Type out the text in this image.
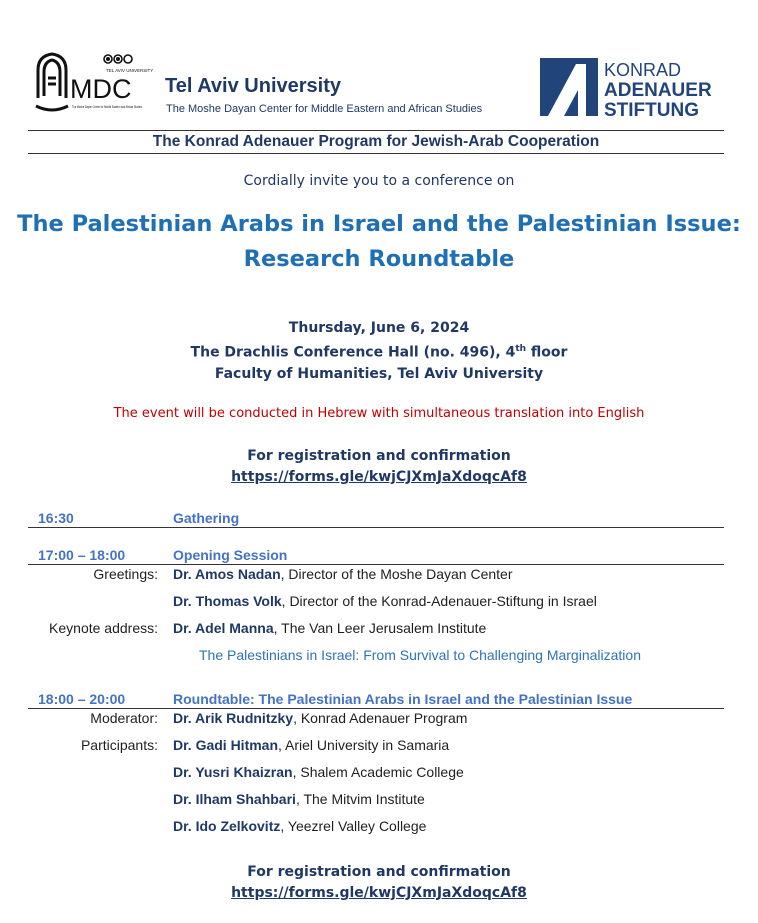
TEL AVIV UNIVERSITY
MDC
The Moshe Dayan Center for Middle Eastern and African Studies
Tel Aviv University
The Moshe Dayan Center for Middle Eastern and African Studies
KONRAD
ADENAUER
STIFTUNG
The Konrad Adenauer Program for Jewish-Arab Cooperation
Cordially invite you to a conference on
The Palestinian Arabs in Israel and the Palestinian Issue:
Research Roundtable
Thursday, June 6, 2024
The Drachlis Conference Hall (no. 496), 4th floor
Faculty of Humanities, Tel Aviv University
The event will be conducted in Hebrew with simultaneous translation into English
For registration and confirmation
https://forms.gle/kwjCJXmJaXdoqcAf8
16:30	Gathering
17:00 – 18:00	Opening Session
Greetings: Dr. Amos Nadan, Director of the Moshe Dayan Center
Dr. Thomas Volk, Director of the Konrad-Adenauer-Stiftung in Israel
Keynote address: Dr. Adel Manna, The Van Leer Jerusalem Institute
The Palestinians in Israel: From Survival to Challenging Marginalization
18:00 – 20:00	Roundtable: The Palestinian Arabs in Israel and the Palestinian Issue
Moderator: Dr. Arik Rudnitzky, Konrad Adenauer Program
Participants: Dr. Gadi Hitman, Ariel University in Samaria
Dr. Yusri Khaizran, Shalem Academic College
Dr. Ilham Shahbari, The Mitvim Institute
Dr. Ido Zelkovitz, Yeezrel Valley College
For registration and confirmation
https://forms.gle/kwjCJXmJaXdoqcAf8
